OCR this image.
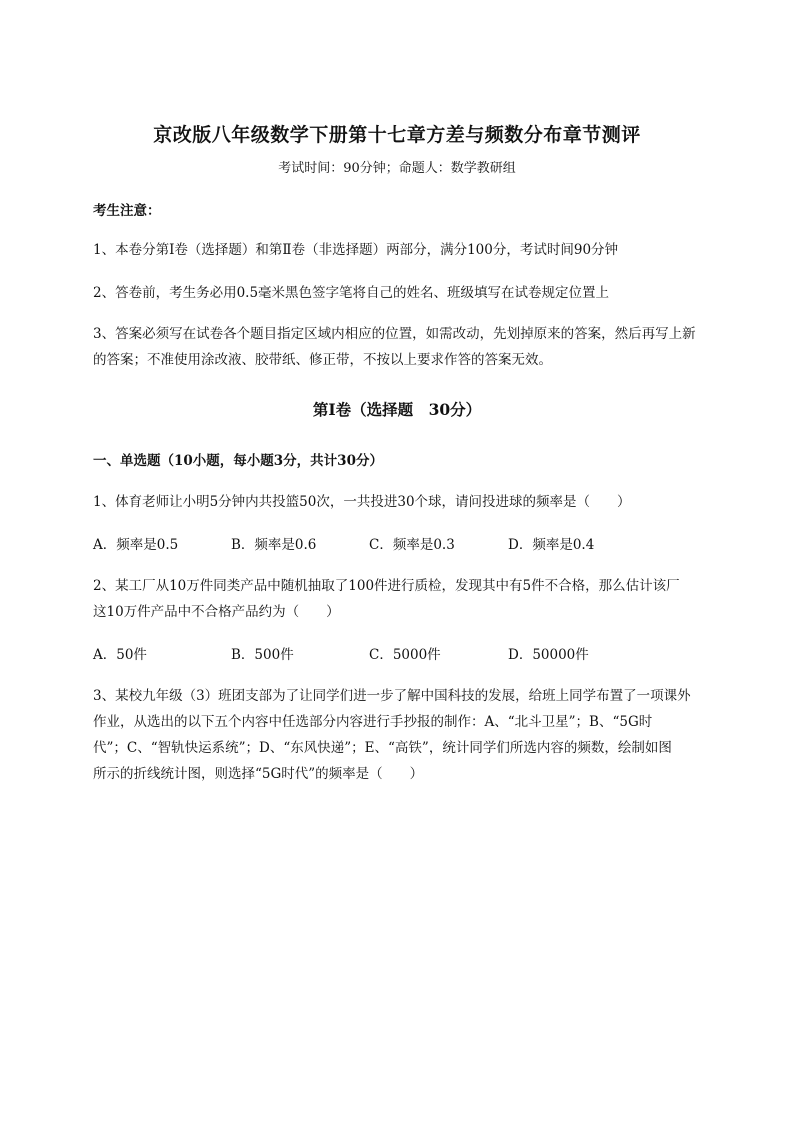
京改版八年级数学下册第十七章方差与频数分布章节测评
考试时间：90分钟；命题人：数学教研组
考生注意：
1、本卷分第I卷（选择题）和第Ⅱ卷（非选择题）两部分，满分100分，考试时间90分钟
2、答卷前，考生务必用0.5毫米黑色签字笔将自己的姓名、班级填写在试卷规定位置上
3、答案必须写在试卷各个题目指定区域内相应的位置，如需改动，先划掉原来的答案，然后再写上新
的答案；不准使用涂改液、胶带纸、修正带，不按以上要求作答的答案无效。
第I卷（选择题　30分）
一、单选题（10小题，每小题3分，共计30分）
1、体育老师让小明5分钟内共投篮50次，一共投进30个球，请问投进球的频率是（　　）
A．频率是0.5	B．频率是0.6	C．频率是0.3	D．频率是0.4
2、某工厂从10万件同类产品中随机抽取了100件进行质检，发现其中有5件不合格，那么估计该厂
这10万件产品中不合格产品约为（　　）
A．50件	B．500件	C．5000件	D．50000件
3、某校九年级（3）班团支部为了让同学们进一步了解中国科技的发展，给班上同学布置了一项课外
作业，从选出的以下五个内容中任选部分内容进行手抄报的制作：A、“北斗卫星”；B、“5G时
代”；C、“智轨快运系统”；D、“东风快递”；E、“高铁”，统计同学们所选内容的频数，绘制如图
所示的折线统计图，则选择“5G时代”的频率是（　　）
